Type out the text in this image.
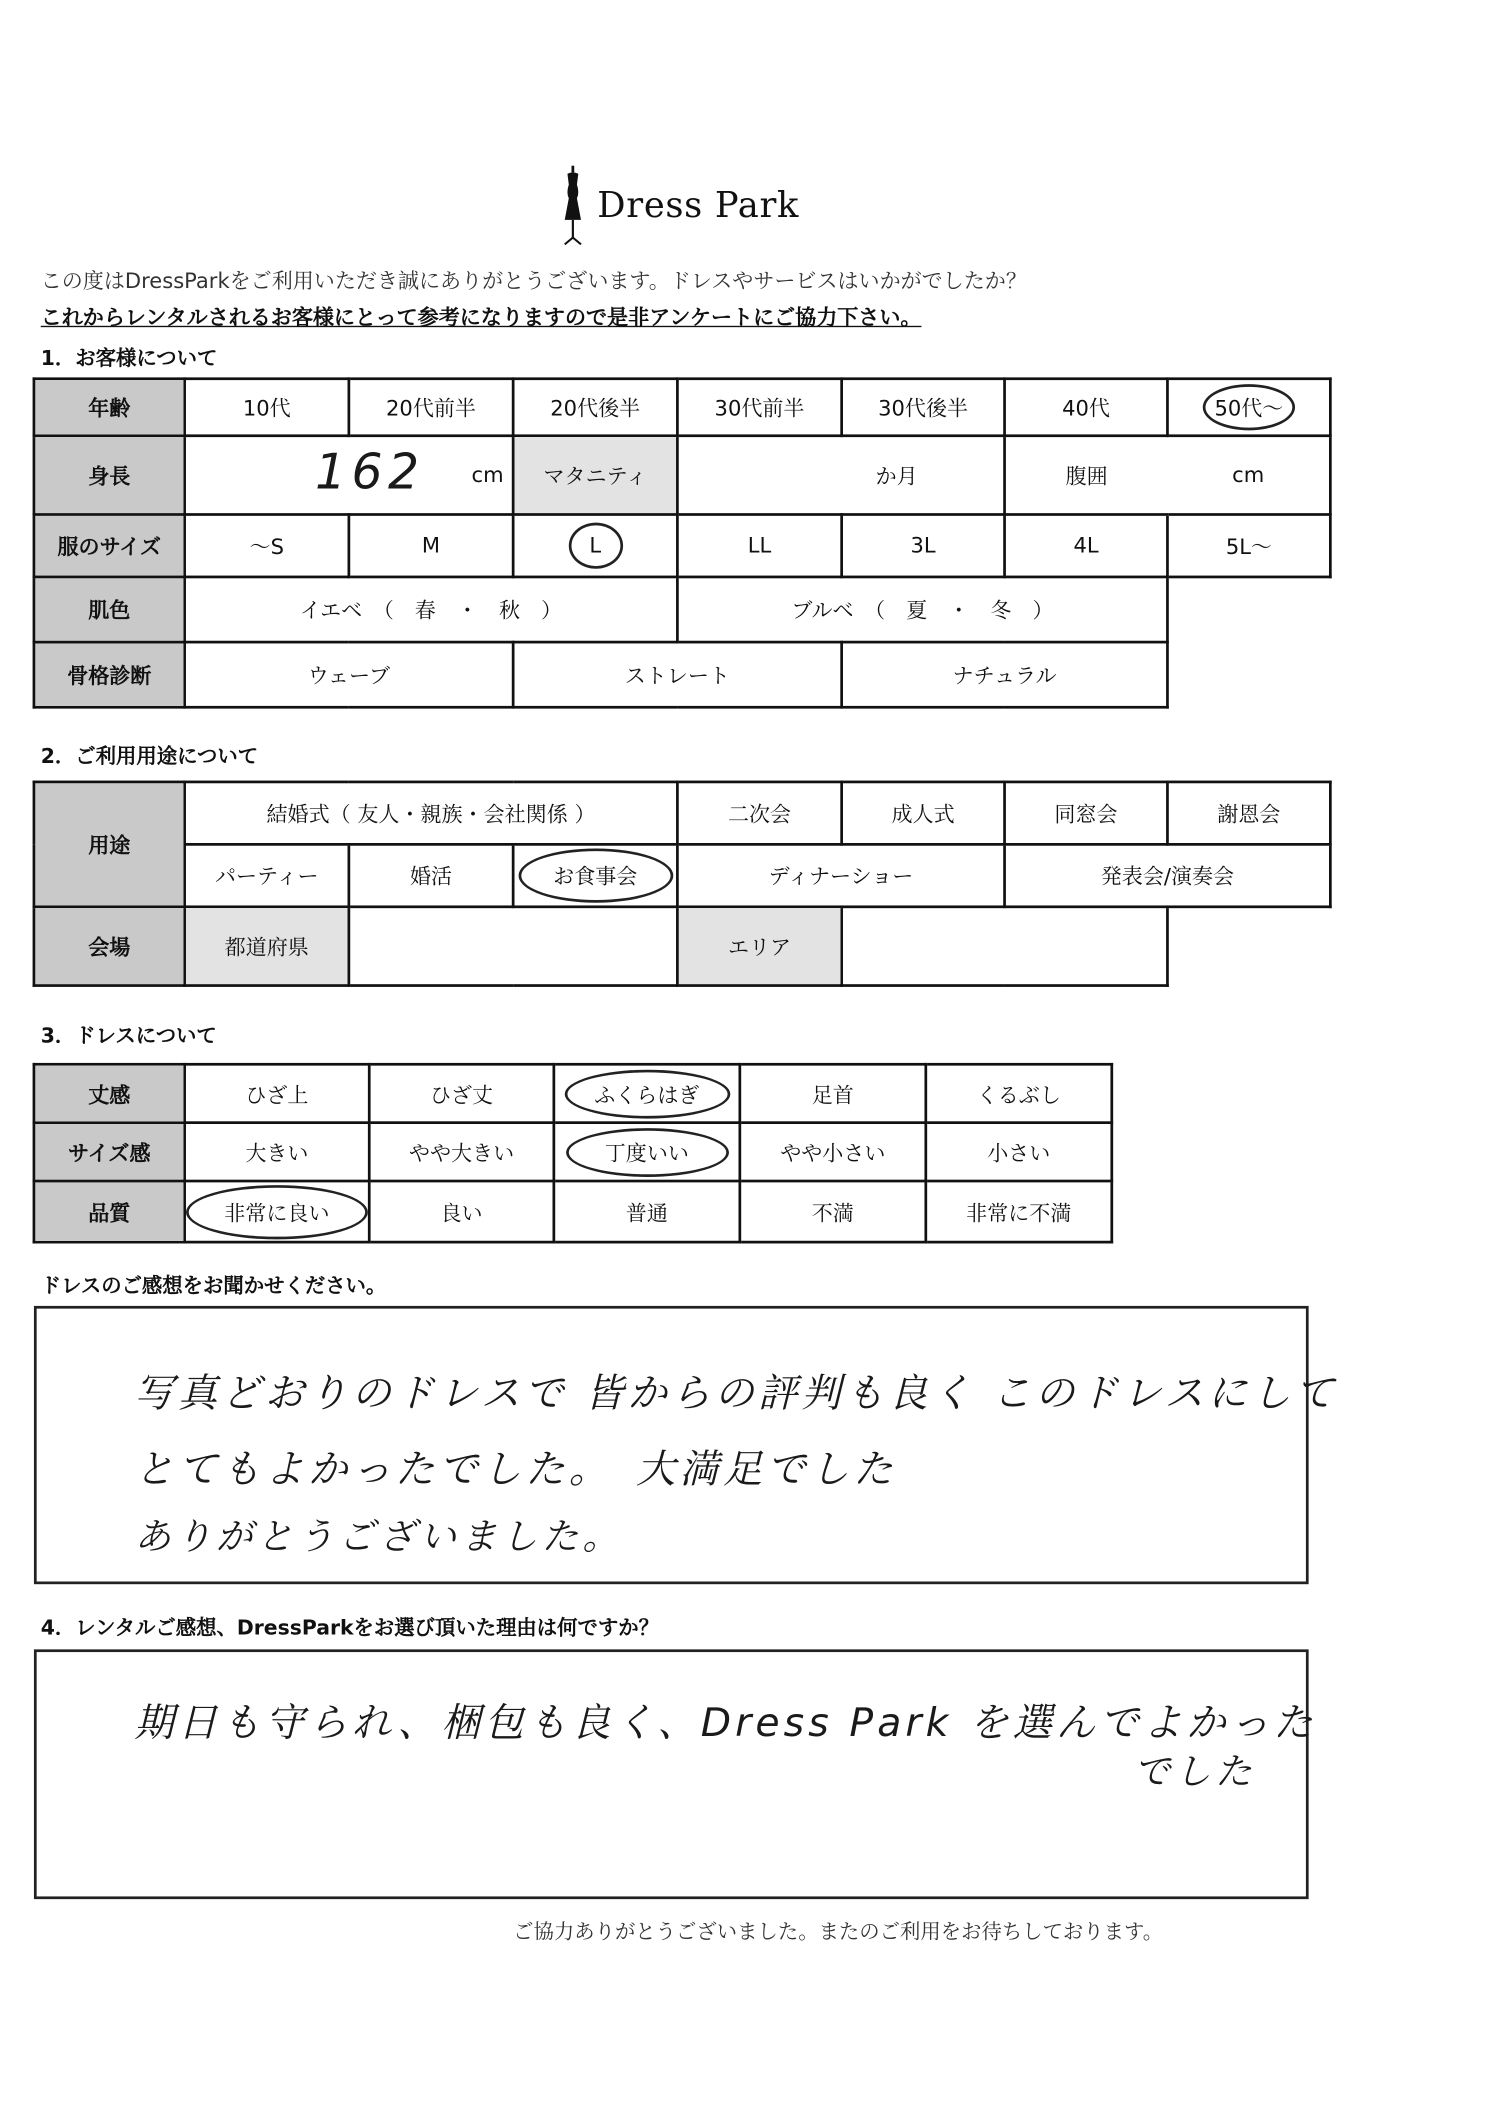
Dress Park
この度はDressParkをご利用いただき誠にありがとうございます。ドレスやサービスはいかがでしたか？
これからレンタルされるお客様にとって参考になりますので是非アンケートにご協力下さい。
1．お客様について
年齢	10代	20代前半	20代後半	30代前半	30代後半	40代	50代～

身長	162 cm		マタニティ	か月		腹囲	cm
服のサイズ	～S	M	L	LL	3L	4L	5L～
肌色	イエベ　（　春　・　秋　）			ブルベ　（　夏　・　冬　）			
骨格診断	ウェーブ		ストレート		ナチュラル		
2．ご利用用途について
用途	結婚式（ 友人・親族・会社関係 ）			二次会	成人式	同窓会	謝恩会
	パーティー	婚活	お食事会	ディナーショー		発表会/演奏会	
会場	都道府県			エリア			
3．ドレスについて
丈感	ひざ上	ひざ丈	ふくらはぎ	足首	くるぶし
サイズ感	大きい	やや大きい	丁度いい	やや小さい	小さい
品質	非常に良い	良い	普通	不満	非常に不満
ドレスのご感想をお聞かせください。
写真どおりのドレスで 皆からの評判も良く このドレスにして
とてもよかったでした。　大満足でした
ありがとうございました。
4．レンタルご感想、DressParkをお選び頂いた理由は何ですか？
期日も守られ、梱包も良く、Dress Park を選んでよかった
でした
ご協力ありがとうございました。またのご利用をお待ちしております。
